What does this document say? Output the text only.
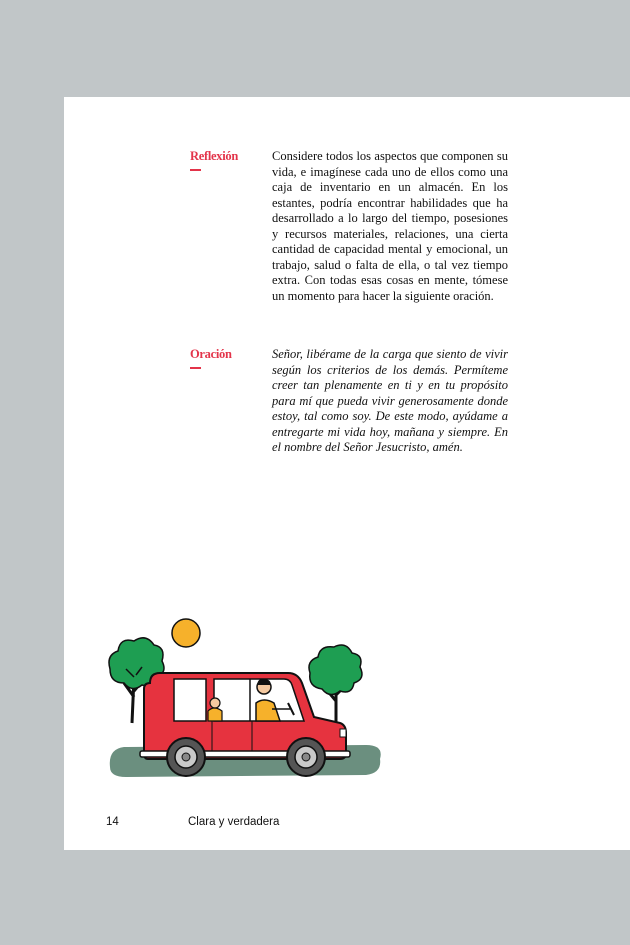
Reflexión	Considere todos los aspectos que componen su vida, e imagínese cada uno de ellos como una caja de inventario en un almacén. En los estantes, podría encontrar habilidades que ha desarrollado a lo largo del tiempo, posesiones y recursos materiales, relaciones, una cierta cantidad de capacidad mental y emocional, un trabajo, salud o falta de ella, o tal vez tiempo extra. Con todas esas cosas en mente, tómese un momento para hacer la siguiente oración.
Oración	Señor, libérame de la carga que siento de vivir según los criterios de los demás. Permíteme creer tan plenamente en ti y en tu propósito para mí que pueda vivir generosamente donde estoy, tal como soy. De este modo, ayúdame a entregarte mi vida hoy, mañana y siempre. En el nombre del Señor Jesucristo, amén.
14	Clara y verdadera
